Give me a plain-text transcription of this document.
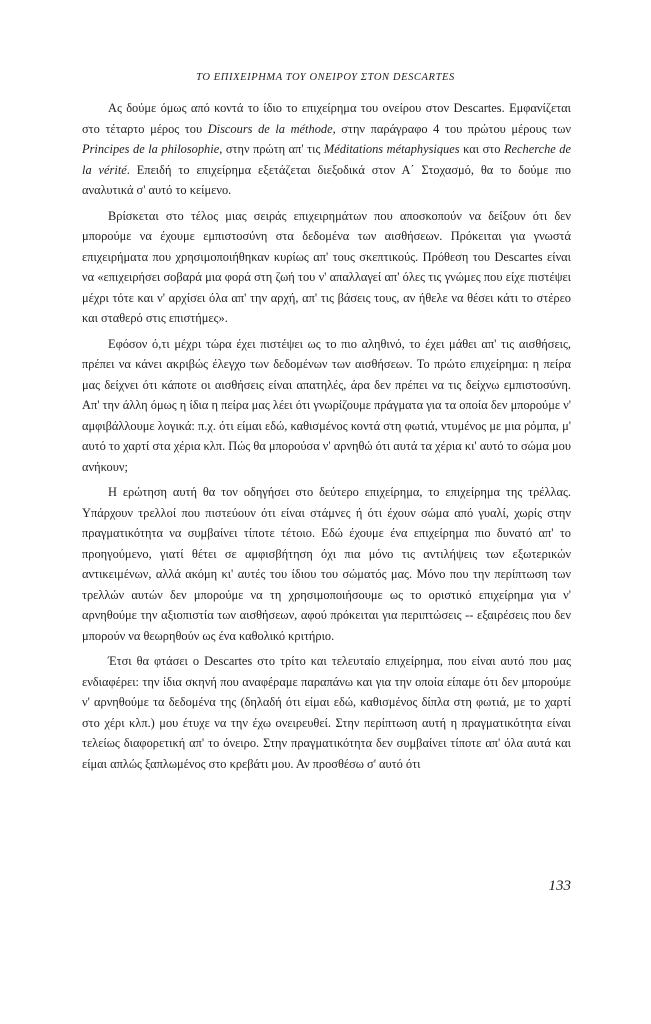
ΤΟ ΕΠΙΧΕΙΡΗΜΑ ΤΟΥ ΟΝΕΙΡΟΥ ΣΤΟΝ DESCARTES

Ας δούμε όμως από κοντά το ίδιο το επιχείρημα του ονείρου στον Descartes. Εμφανίζεται στο τέταρτο μέρος του Discours de la méthode, στην παράγραφο 4 του πρώτου μέρους των Principes de la philosophie, στην πρώτη απ' τις Méditations métaphysiques και στο Recherche de la vérité. Επειδή το επιχείρημα εξετάζεται διεξοδικά στον Α΄ Στοχασμό, θα το δούμε πιο αναλυτικά σ' αυτό το κείμενο.

Βρίσκεται στο τέλος μιας σειράς επιχειρημάτων που αποσκοπούν να δείξουν ότι δεν μπορούμε να έχουμε εμπιστοσύνη στα δεδομένα των αισθήσεων. Πρόκειται για γνωστά επιχειρήματα που χρησιμοποιήθηκαν κυρίως απ' τους σκεπτικούς. Πρόθεση του Descartes είναι να «επιχειρήσει σοβαρά μια φορά στη ζωή του ν' απαλλαγεί απ' όλες τις γνώμες που είχε πιστέψει μέχρι τότε και ν' αρχίσει όλα απ' την αρχή, απ' τις βάσεις τους, αν ήθελε να θέσει κάτι το στέρεο και σταθερό στις επιστήμες».

Εφόσον ό,τι μέχρι τώρα έχει πιστέψει ως το πιο αληθινό, το έχει μάθει απ' τις αισθήσεις, πρέπει να κάνει ακριβώς έλεγχο των δεδομένων των αισθήσεων. Το πρώτο επιχείρημα: η πείρα μας δείχνει ότι κάποτε οι αισθήσεις είναι απατηλές, άρα δεν πρέπει να τις δείχνω εμπιστοσύνη. Απ' την άλλη όμως η ίδια η πείρα μας λέει ότι γνωρίζουμε πράγματα για τα οποία δεν μπορούμε ν' αμφιβάλλουμε λογικά: π.χ. ότι είμαι εδώ, καθισμένος κοντά στη φωτιά, ντυμένος με μια ρόμπα, μ' αυτό το χαρτί στα χέρια κλπ. Πώς θα μπορούσα ν' αρνηθώ ότι αυτά τα χέρια κι' αυτό το σώμα μου ανήκουν;

Η ερώτηση αυτή θα τον οδηγήσει στο δεύτερο επιχείρημα, το επιχείρημα της τρέλλας. Υπάρχουν τρελλοί που πιστεύουν ότι είναι στάμνες ή ότι έχουν σώμα από γυαλί, χωρίς στην πραγματικότητα να συμβαίνει τίποτε τέτοιο. Εδώ έχουμε ένα επιχείρημα πιο δυνατό απ' το προηγούμενο, γιατί θέτει σε αμφισβήτηση όχι πια μόνο τις αντιλήψεις των εξωτερικών αντικειμένων, αλλά ακόμη κι' αυτές του ίδιου του σώματός μας. Μόνο που την περίπτωση των τρελλών αυτών δεν μπορούμε να τη χρησιμοποιήσουμε ως το οριστικό επιχείρημα για ν' αρνηθούμε την αξιοπιστία των αισθήσεων, αφού πρόκειται για περιπτώσεις -- εξαιρέσεις που δεν μπορούν να θεωρηθούν ως ένα καθολικό κριτήριο.

Έτσι θα φτάσει ο Descartes στο τρίτο και τελευταίο επιχείρημα, που είναι αυτό που μας ενδιαφέρει: την ίδια σκηνή που αναφέραμε παραπάνω και για την οποία είπαμε ότι δεν μπορούμε ν' αρνηθούμε τα δεδομένα της (δηλαδή ότι είμαι εδώ, καθισμένος δίπλα στη φωτιά, με το χαρτί στο χέρι κλπ.) μου έτυχε να την έχω ονειρευθεί. Στην περίπτωση αυτή η πραγματικότητα είναι τελείως διαφορετική απ' το όνειρο. Στην πραγματικότητα δεν συμβαίνει τίποτε απ' όλα αυτά και είμαι απλώς ξαπλωμένος στο κρεβάτι μου. Αν προσθέσω σ' αυτό ότι

133
